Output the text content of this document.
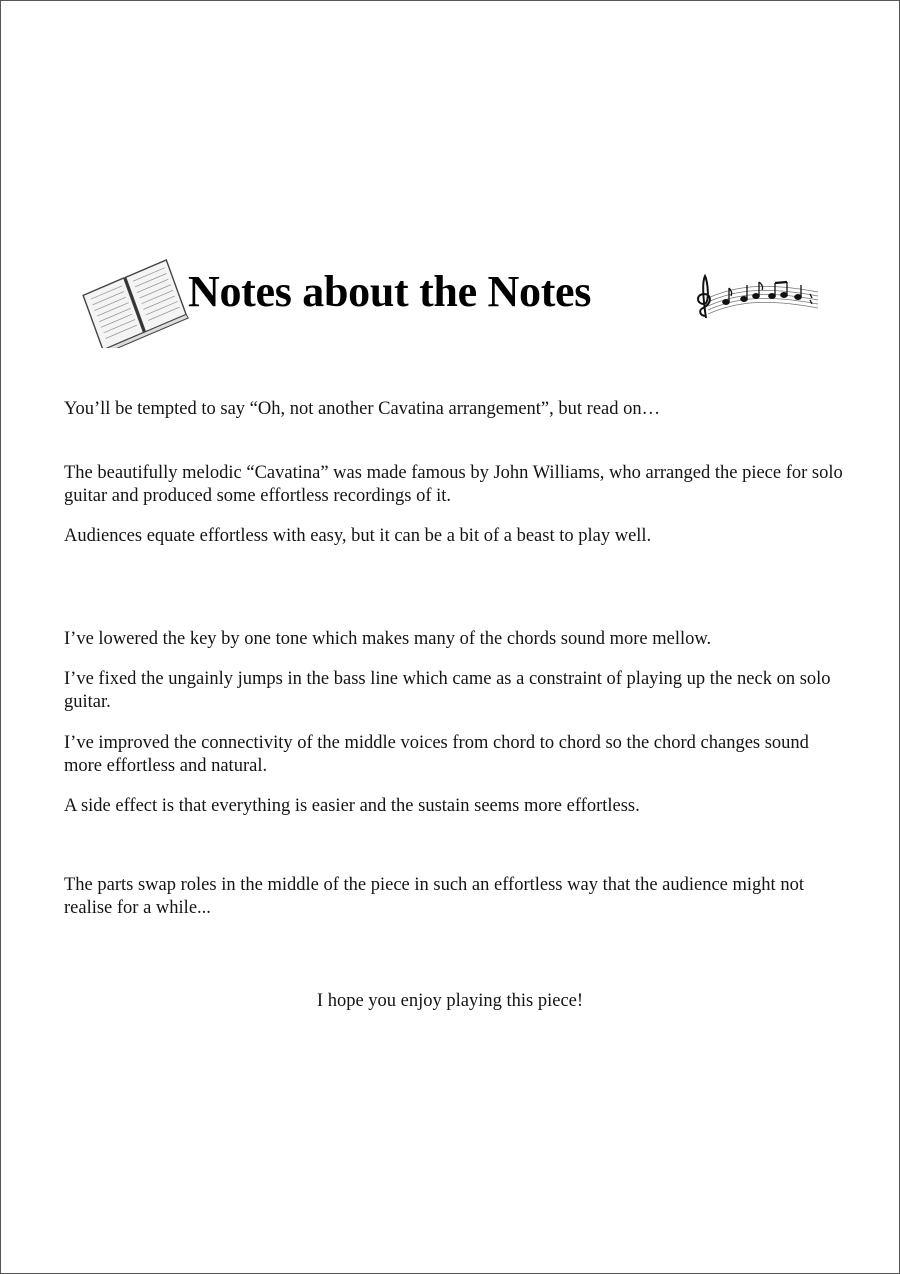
Notes about the Notes

You’ll be tempted to say “Oh, not another Cavatina arrangement”, but read on…

The beautifully melodic “Cavatina” was made famous by John Williams, who arranged the piece for solo guitar and produced some effortless recordings of it.

Audiences equate effortless with easy, but it can be a bit of a beast to play well.

I’ve lowered the key by one tone which makes many of the chords sound more mellow.

I’ve fixed the ungainly jumps in the bass line which came as a constraint of playing up the neck on solo guitar.

I’ve improved the connectivity of the middle voices from chord to chord so the chord changes sound more effortless and natural.

A side effect is that everything is easier and the sustain seems more effortless.

The parts swap roles in the middle of the piece in such an effortless way that the audience might not realise for a while...

I hope you enjoy playing this piece!
